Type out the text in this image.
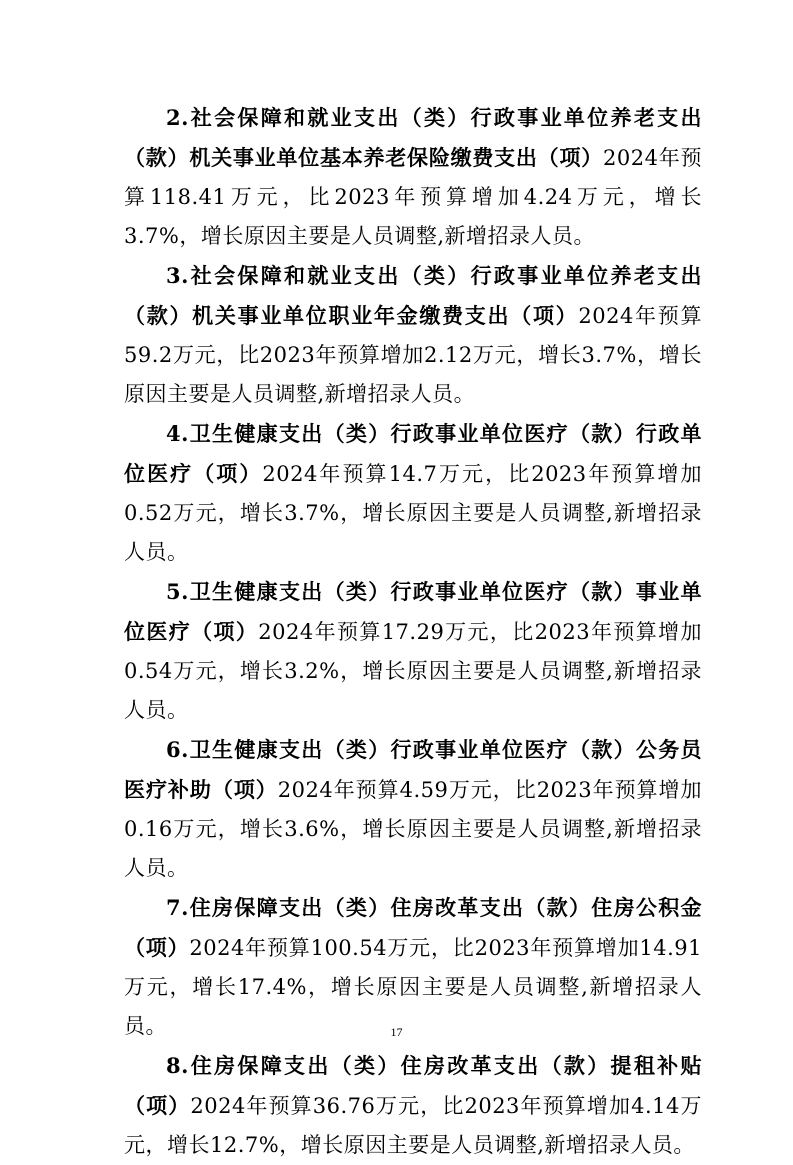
2.社会保障和就业支出（类）行政事业单位养老支出（款）机关事业单位基本养老保险缴费支出（项）2024年预算118.41万元，比2023年预算增加4.24万元，增长3.7%，增长原因主要是人员调整,新增招录人员。

3.社会保障和就业支出（类）行政事业单位养老支出（款）机关事业单位职业年金缴费支出（项）2024年预算59.2万元，比2023年预算增加2.12万元，增长3.7%，增长原因主要是人员调整,新增招录人员。

4.卫生健康支出（类）行政事业单位医疗（款）行政单位医疗（项）2024年预算14.7万元，比2023年预算增加0.52万元，增长3.7%，增长原因主要是人员调整,新增招录人员。

5.卫生健康支出（类）行政事业单位医疗（款）事业单位医疗（项）2024年预算17.29万元，比2023年预算增加0.54万元，增长3.2%，增长原因主要是人员调整,新增招录人员。

6.卫生健康支出（类）行政事业单位医疗（款）公务员医疗补助（项）2024年预算4.59万元，比2023年预算增加0.16万元，增长3.6%，增长原因主要是人员调整,新增招录人员。

7.住房保障支出（类）住房改革支出（款）住房公积金（项）2024年预算100.54万元，比2023年预算增加14.91万元，增长17.4%，增长原因主要是人员调整,新增招录人员。

8.住房保障支出（类）住房改革支出（款）提租补贴（项）2024年预算36.76万元，比2023年预算增加4.14万元，增长12.7%，增长原因主要是人员调整,新增招录人员。

17
